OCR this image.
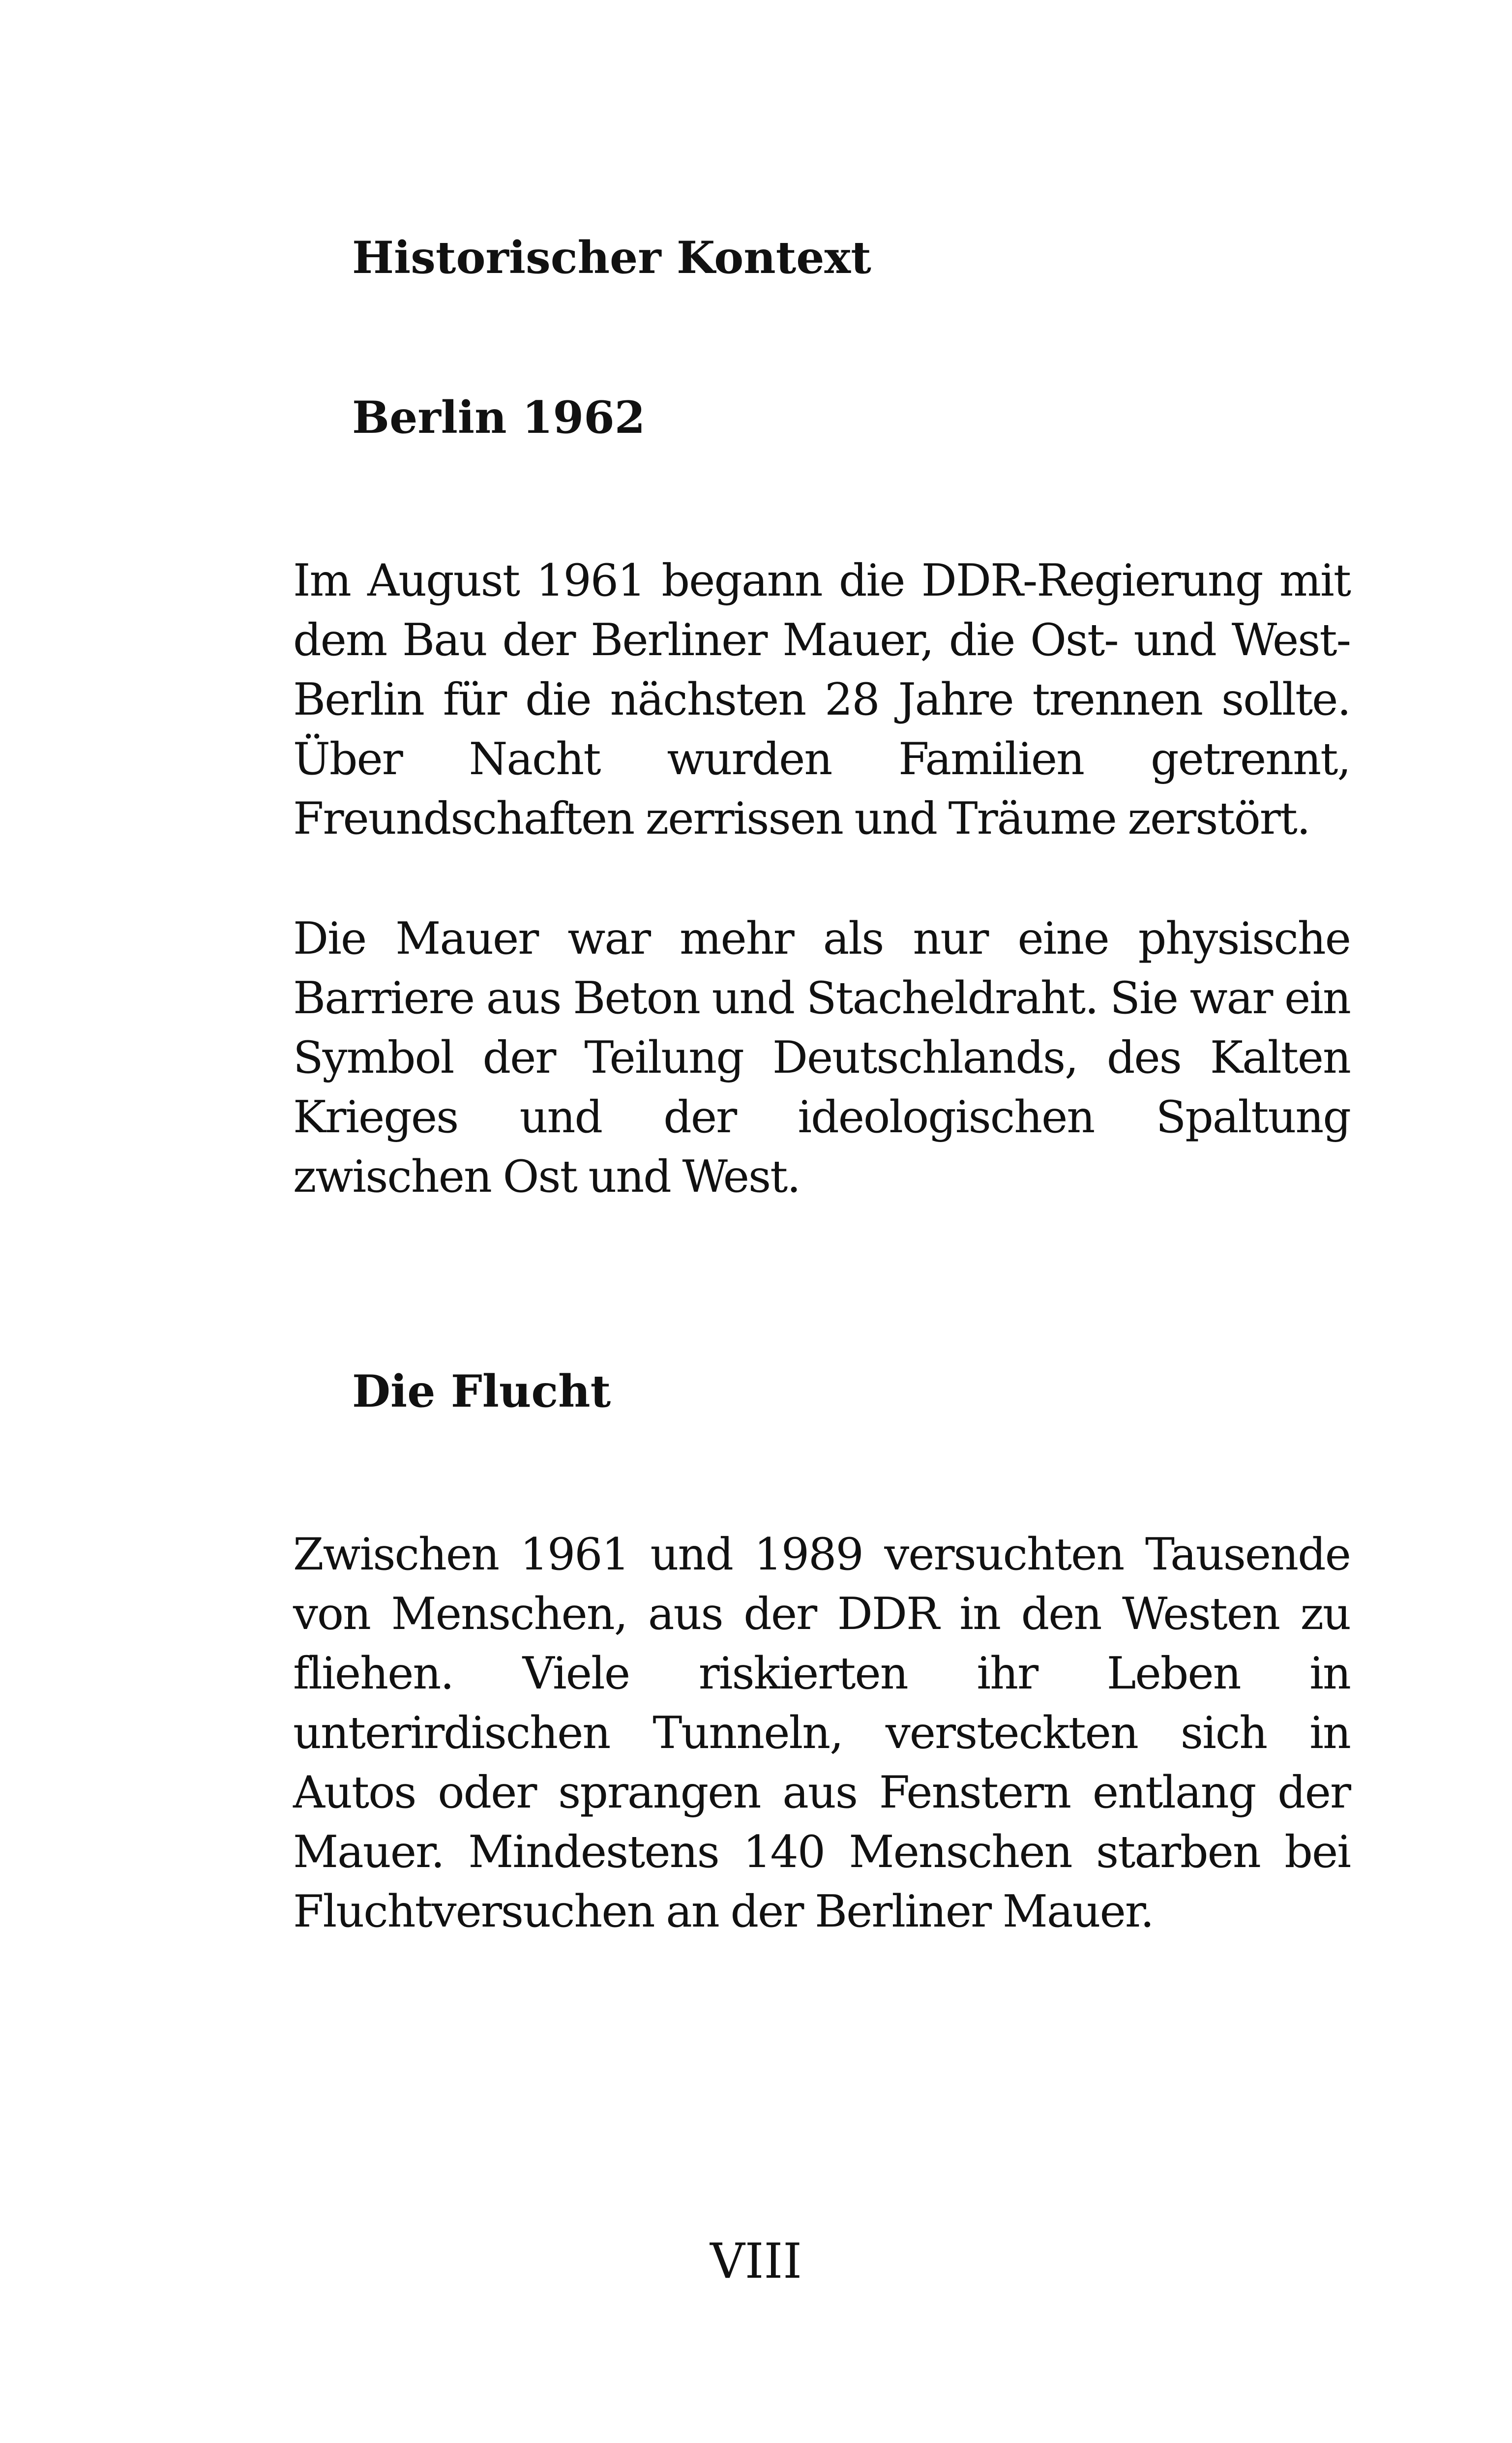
Historischer Kontext
Berlin 1962

Im August 1961 begann die DDR-Regierung mit dem Bau der Berliner Mauer, die Ost- und West-Berlin für die nächsten 28 Jahre trennen sollte. Über Nacht wurden Familien getrennt, Freundschaften zerrissen und Träume zerstört.

Die Mauer war mehr als nur eine physische Barriere aus Beton und Stacheldraht. Sie war ein Symbol der Teilung Deutschlands, des Kalten Krieges und der ideologischen Spaltung zwischen Ost und West.

Die Flucht

Zwischen 1961 und 1989 versuchten Tausende von Menschen, aus der DDR in den Westen zu fliehen. Viele riskierten ihr Leben in unterirdischen Tunneln, versteckten sich in Autos oder sprangen aus Fenstern entlang der Mauer. Mindestens 140 Menschen starben bei Fluchtversuchen an der Berliner Mauer.

VIII
